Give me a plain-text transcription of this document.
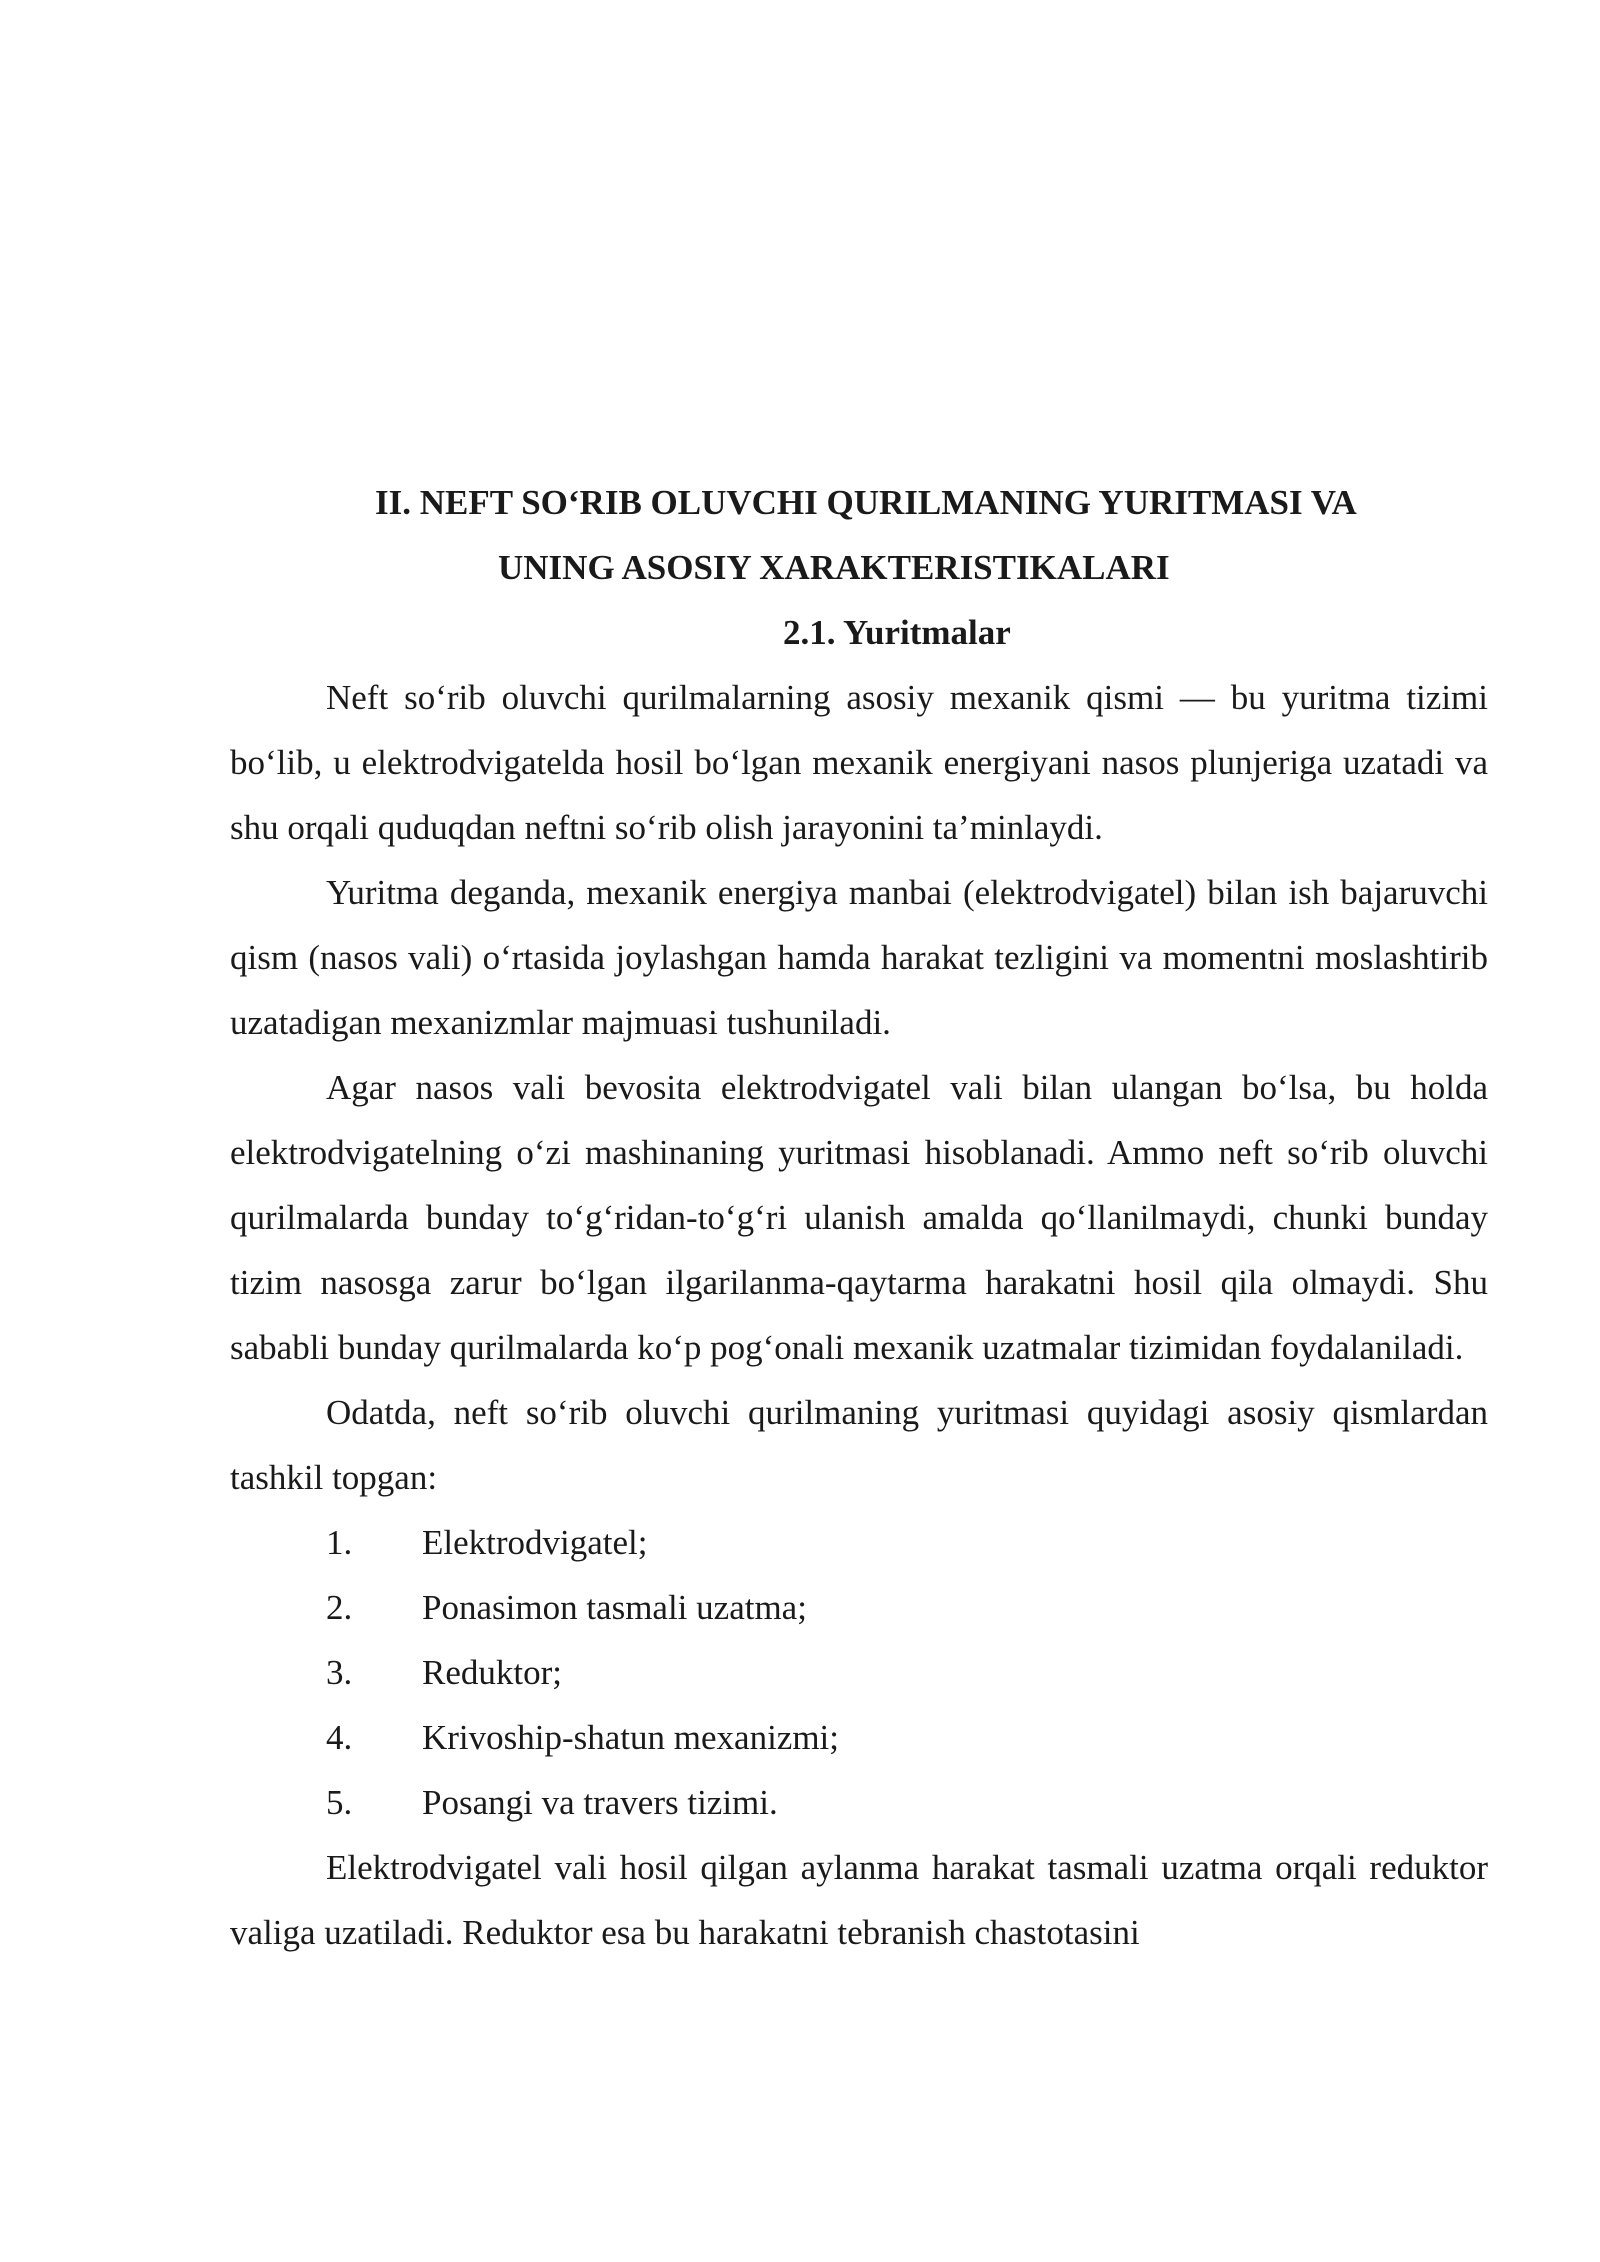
II. NEFT SO‘RIB OLUVCHI QURILMANING YURITMASI VA

UNING ASOSIY XARAKTERISTIKALARI

2.1. Yuritmalar

Neft so‘rib oluvchi qurilmalarning asosiy mexanik qismi — bu yuritma tizimi bo‘lib, u elektrodvigatelda hosil bo‘lgan mexanik energiyani nasos plunjeriga uzatadi va shu orqali quduqdan neftni so‘rib olish jarayonini ta’minlaydi.

Yuritma deganda, mexanik energiya manbai (elektrodvigatel) bilan ish bajaruvchi qism (nasos vali) o‘rtasida joylashgan hamda harakat tezligini va momentni moslashtirib uzatadigan mexanizmlar majmuasi tushuniladi.

Agar nasos vali bevosita elektrodvigatel vali bilan ulangan bo‘lsa, bu holda elektrodvigatelning o‘zi mashinaning yuritmasi hisoblanadi. Ammo neft so‘rib oluvchi qurilmalarda bunday to‘g‘ridan-to‘g‘ri ulanish amalda qo‘llanilmaydi, chunki bunday tizim nasosga zarur bo‘lgan ilgarilanma-qaytarma harakatni hosil qila olmaydi. Shu sababli bunday qurilmalarda ko‘p pog‘onali mexanik uzatmalar tizimidan foydalaniladi.

Odatda, neft so‘rib oluvchi qurilmaning yuritmasi quyidagi asosiy qismlardan tashkil topgan:

1.	Elektrodvigatel;
2.	Ponasimon tasmali uzatma;
3.	Reduktor;
4.	Krivoship-shatun mexanizmi;
5.	Posangi va travers tizimi.

Elektrodvigatel vali hosil qilgan aylanma harakat tasmali uzatma orqali reduktor valiga uzatiladi. Reduktor esa bu harakatni tebranish chastotasini
